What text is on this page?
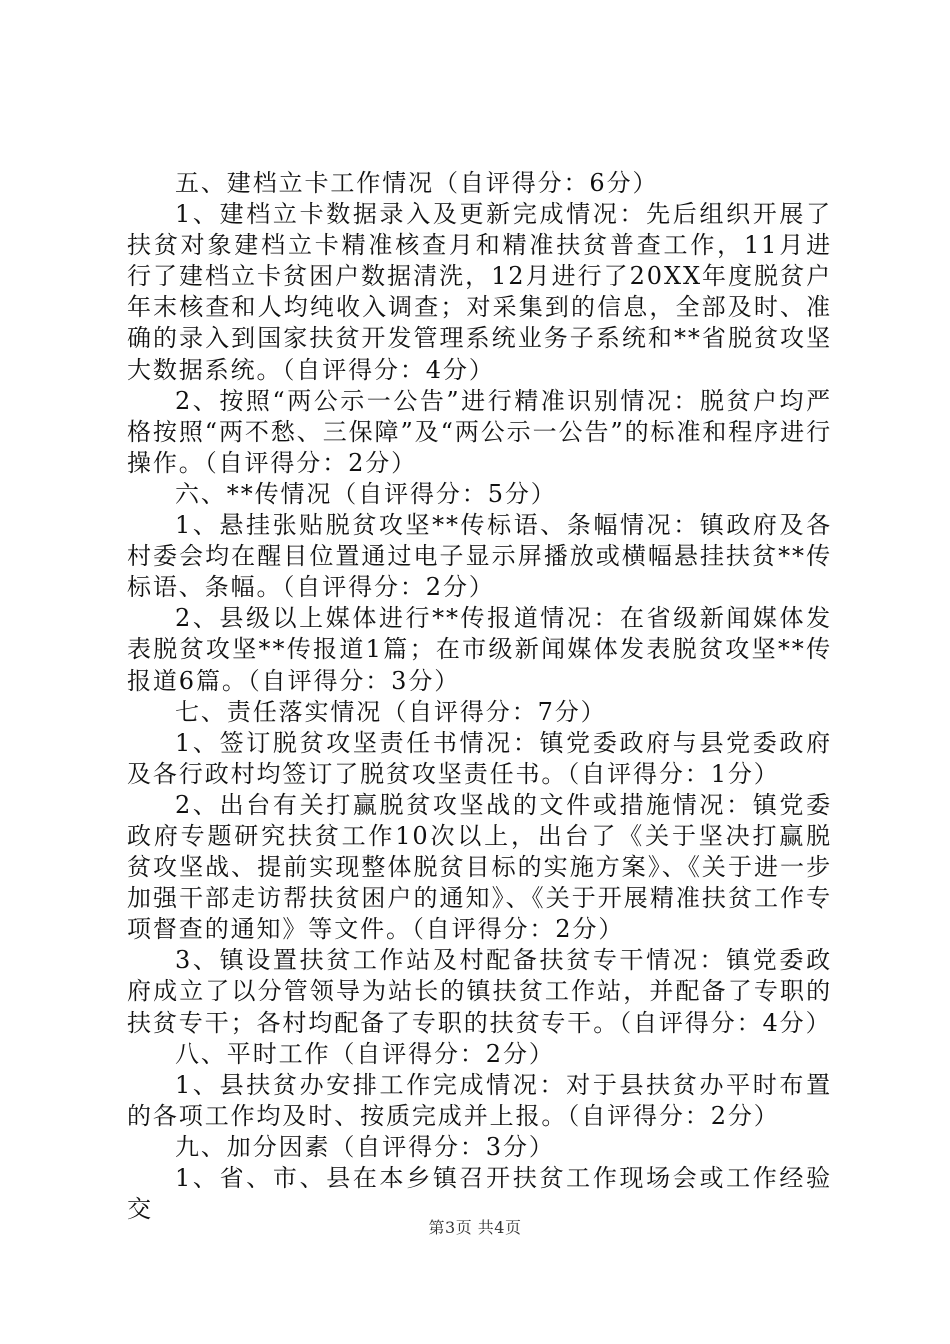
五、建档立卡工作情况（自评得分：6分）

1、建档立卡数据录入及更新完成情况：先后组织开展了扶贫对象建档立卡精准核查月和精准扶贫普查工作，11月进行了建档立卡贫困户数据清洗，12月进行了20XX年度脱贫户年末核查和人均纯收入调查；对采集到的信息，全部及时、准确的录入到国家扶贫开发管理系统业务子系统和**省脱贫攻坚大数据系统。（自评得分：4分）

2、按照“两公示一公告”进行精准识别情况：脱贫户均严格按照“两不愁、三保障”及“两公示一公告”的标准和程序进行操作。（自评得分：2分）

六、**传情况（自评得分：5分）

1、悬挂张贴脱贫攻坚**传标语、条幅情况：镇政府及各村委会均在醒目位置通过电子显示屏播放或横幅悬挂扶贫**传标语、条幅。（自评得分：2分）

2、县级以上媒体进行**传报道情况：在省级新闻媒体发表脱贫攻坚**传报道1篇；在市级新闻媒体发表脱贫攻坚**传报道6篇。（自评得分：3分）

七、责任落实情况（自评得分：7分）

1、签订脱贫攻坚责任书情况：镇党委政府与县党委政府及各行政村均签订了脱贫攻坚责任书。（自评得分：1分）

2、出台有关打赢脱贫攻坚战的文件或措施情况：镇党委政府专题研究扶贫工作10次以上，出台了《关于坚决打赢脱贫攻坚战、提前实现整体脱贫目标的实施方案》、《关于进一步加强干部走访帮扶贫困户的通知》、《关于开展精准扶贫工作专项督查的通知》等文件。（自评得分：2分）

3、镇设置扶贫工作站及村配备扶贫专干情况：镇党委政府成立了以分管领导为站长的镇扶贫工作站，并配备了专职的扶贫专干；各村均配备了专职的扶贫专干。（自评得分：4分）

八、平时工作（自评得分：2分）

1、县扶贫办安排工作完成情况：对于县扶贫办平时布置的各项工作均及时、按质完成并上报。（自评得分：2分）

九、加分因素（自评得分：3分）

1、省、市、县在本乡镇召开扶贫工作现场会或工作经验交

第3页 共4页
